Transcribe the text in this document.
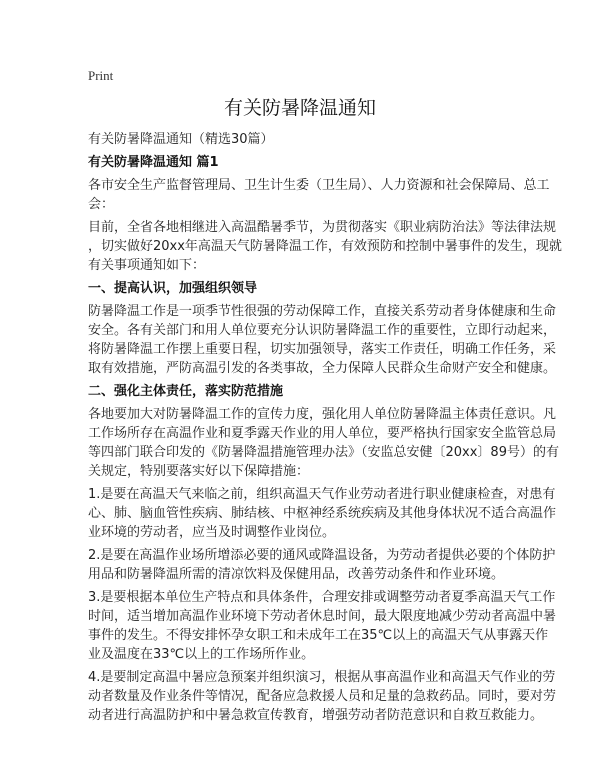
Print
有关防暑降温通知
有关防暑降温通知（精选30篇）
有关防暑降温通知 篇1
各市安全生产监督管理局、卫生计生委（卫生局）、人力资源和社会保障局、总工
会：
目前，全省各地相继进入高温酷暑季节，为贯彻落实《职业病防治法》等法律法规
，切实做好20xx年高温天气防暑降温工作，有效预防和控制中暑事件的发生，现就
有关事项通知如下：
一、提高认识，加强组织领导
防暑降温工作是一项季节性很强的劳动保障工作，直接关系劳动者身体健康和生命
安全。各有关部门和用人单位要充分认识防暑降温工作的重要性，立即行动起来，
将防暑降温工作摆上重要日程，切实加强领导，落实工作责任，明确工作任务，采
取有效措施，严防高温引发的各类事故，全力保障人民群众生命财产安全和健康。
二、强化主体责任，落实防范措施
各地要加大对防暑降温工作的宣传力度，强化用人单位防暑降温主体责任意识。凡
工作场所存在高温作业和夏季露天作业的用人单位，要严格执行国家安全监管总局
等四部门联合印发的《防暑降温措施管理办法》（安监总安健〔20xx〕89号）的有
关规定，特别要落实好以下保障措施：
1.是要在高温天气来临之前，组织高温天气作业劳动者进行职业健康检查，对患有
心、肺、脑血管性疾病、肺结核、中枢神经系统疾病及其他身体状况不适合高温作
业环境的劳动者，应当及时调整作业岗位。
2.是要在高温作业场所增添必要的通风或降温设备，为劳动者提供必要的个体防护
用品和防暑降温所需的清凉饮料及保健用品，改善劳动条件和作业环境。
3.是要根据本单位生产特点和具体条件，合理安排或调整劳动者夏季高温天气工作
时间，适当增加高温作业环境下劳动者休息时间，最大限度地减少劳动者高温中暑
事件的发生。不得安排怀孕女职工和未成年工在35℃以上的高温天气从事露天作
业及温度在33℃以上的工作场所作业。
4.是要制定高温中暑应急预案并组织演习，根据从事高温作业和高温天气作业的劳
动者数量及作业条件等情况，配备应急救援人员和足量的急救药品。同时，要对劳
动者进行高温防护和中暑急救宣传教育，增强劳动者防范意识和自救互救能力。
